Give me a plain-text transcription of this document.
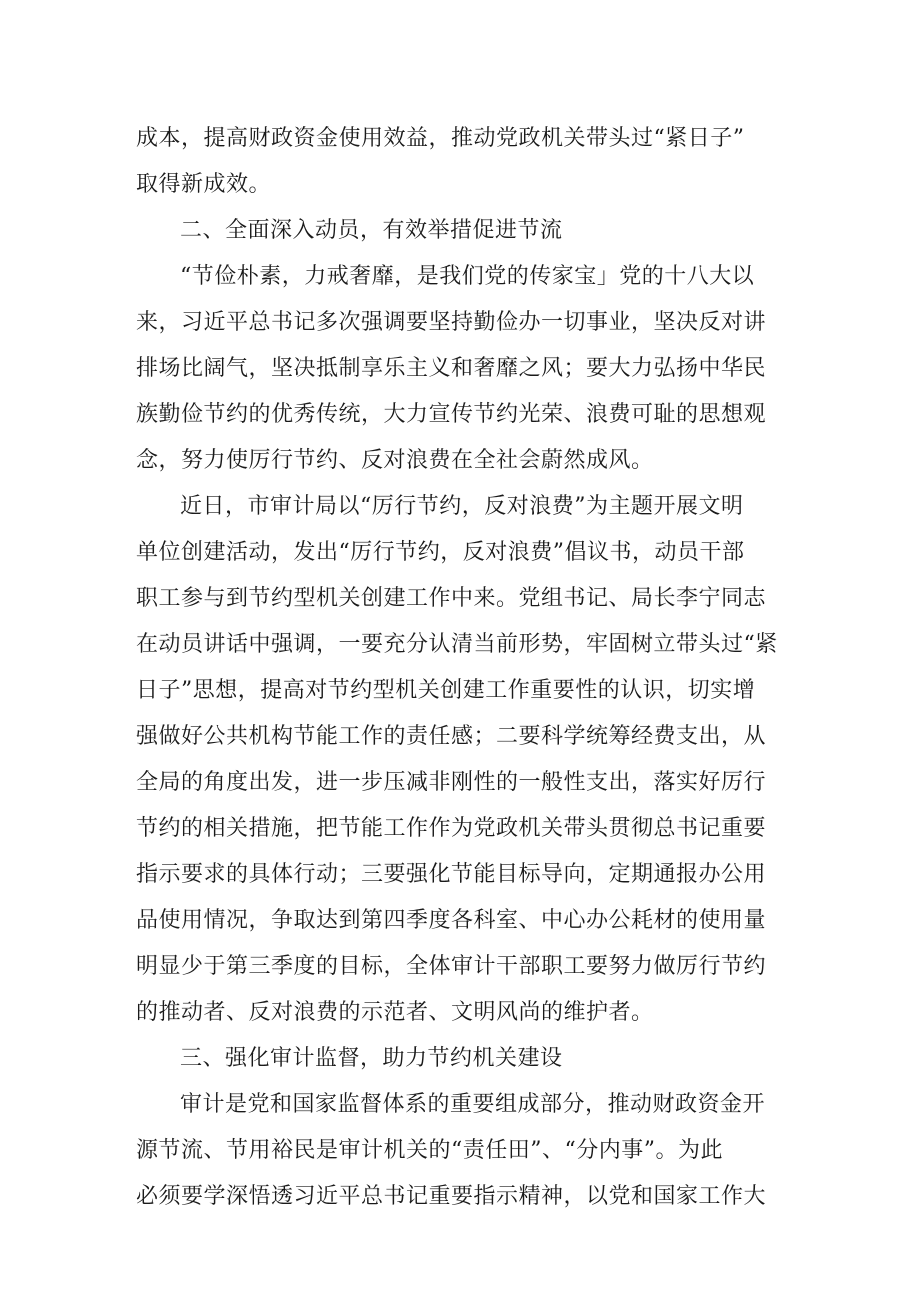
成本，提高财政资金使用效益，推动党政机关带头过“紧日子”
取得新成效。
二、全面深入动员，有效举措促进节流
“节俭朴素，力戒奢靡，是我们党的传家宝」党的十八大以
来，习近平总书记多次强调要坚持勤俭办一切事业，坚决反对讲
排场比阔气，坚决抵制享乐主义和奢靡之风；要大力弘扬中华民
族勤俭节约的优秀传统，大力宣传节约光荣、浪费可耻的思想观
念，努力使厉行节约、反对浪费在全社会蔚然成风。
近日，市审计局以“厉行节约，反对浪费”为主题开展文明
单位创建活动，发出“厉行节约，反对浪费”倡议书，动员干部
职工参与到节约型机关创建工作中来。党组书记、局长李宁同志
在动员讲话中强调，一要充分认清当前形势，牢固树立带头过“紧
日子”思想，提高对节约型机关创建工作重要性的认识，切实增
强做好公共机构节能工作的责任感；二要科学统筹经费支出，从
全局的角度出发，进一步压减非刚性的一般性支出，落实好厉行
节约的相关措施，把节能工作作为党政机关带头贯彻总书记重要
指示要求的具体行动；三要强化节能目标导向，定期通报办公用
品使用情况，争取达到第四季度各科室、中心办公耗材的使用量
明显少于第三季度的目标，全体审计干部职工要努力做厉行节约
的推动者、反对浪费的示范者、文明风尚的维护者。
三、强化审计监督，助力节约机关建设
审计是党和国家监督体系的重要组成部分，推动财政资金开
源节流、节用裕民是审计机关的“责任田”、“分内事”。为此
必须要学深悟透习近平总书记重要指示精神，以党和国家工作大
